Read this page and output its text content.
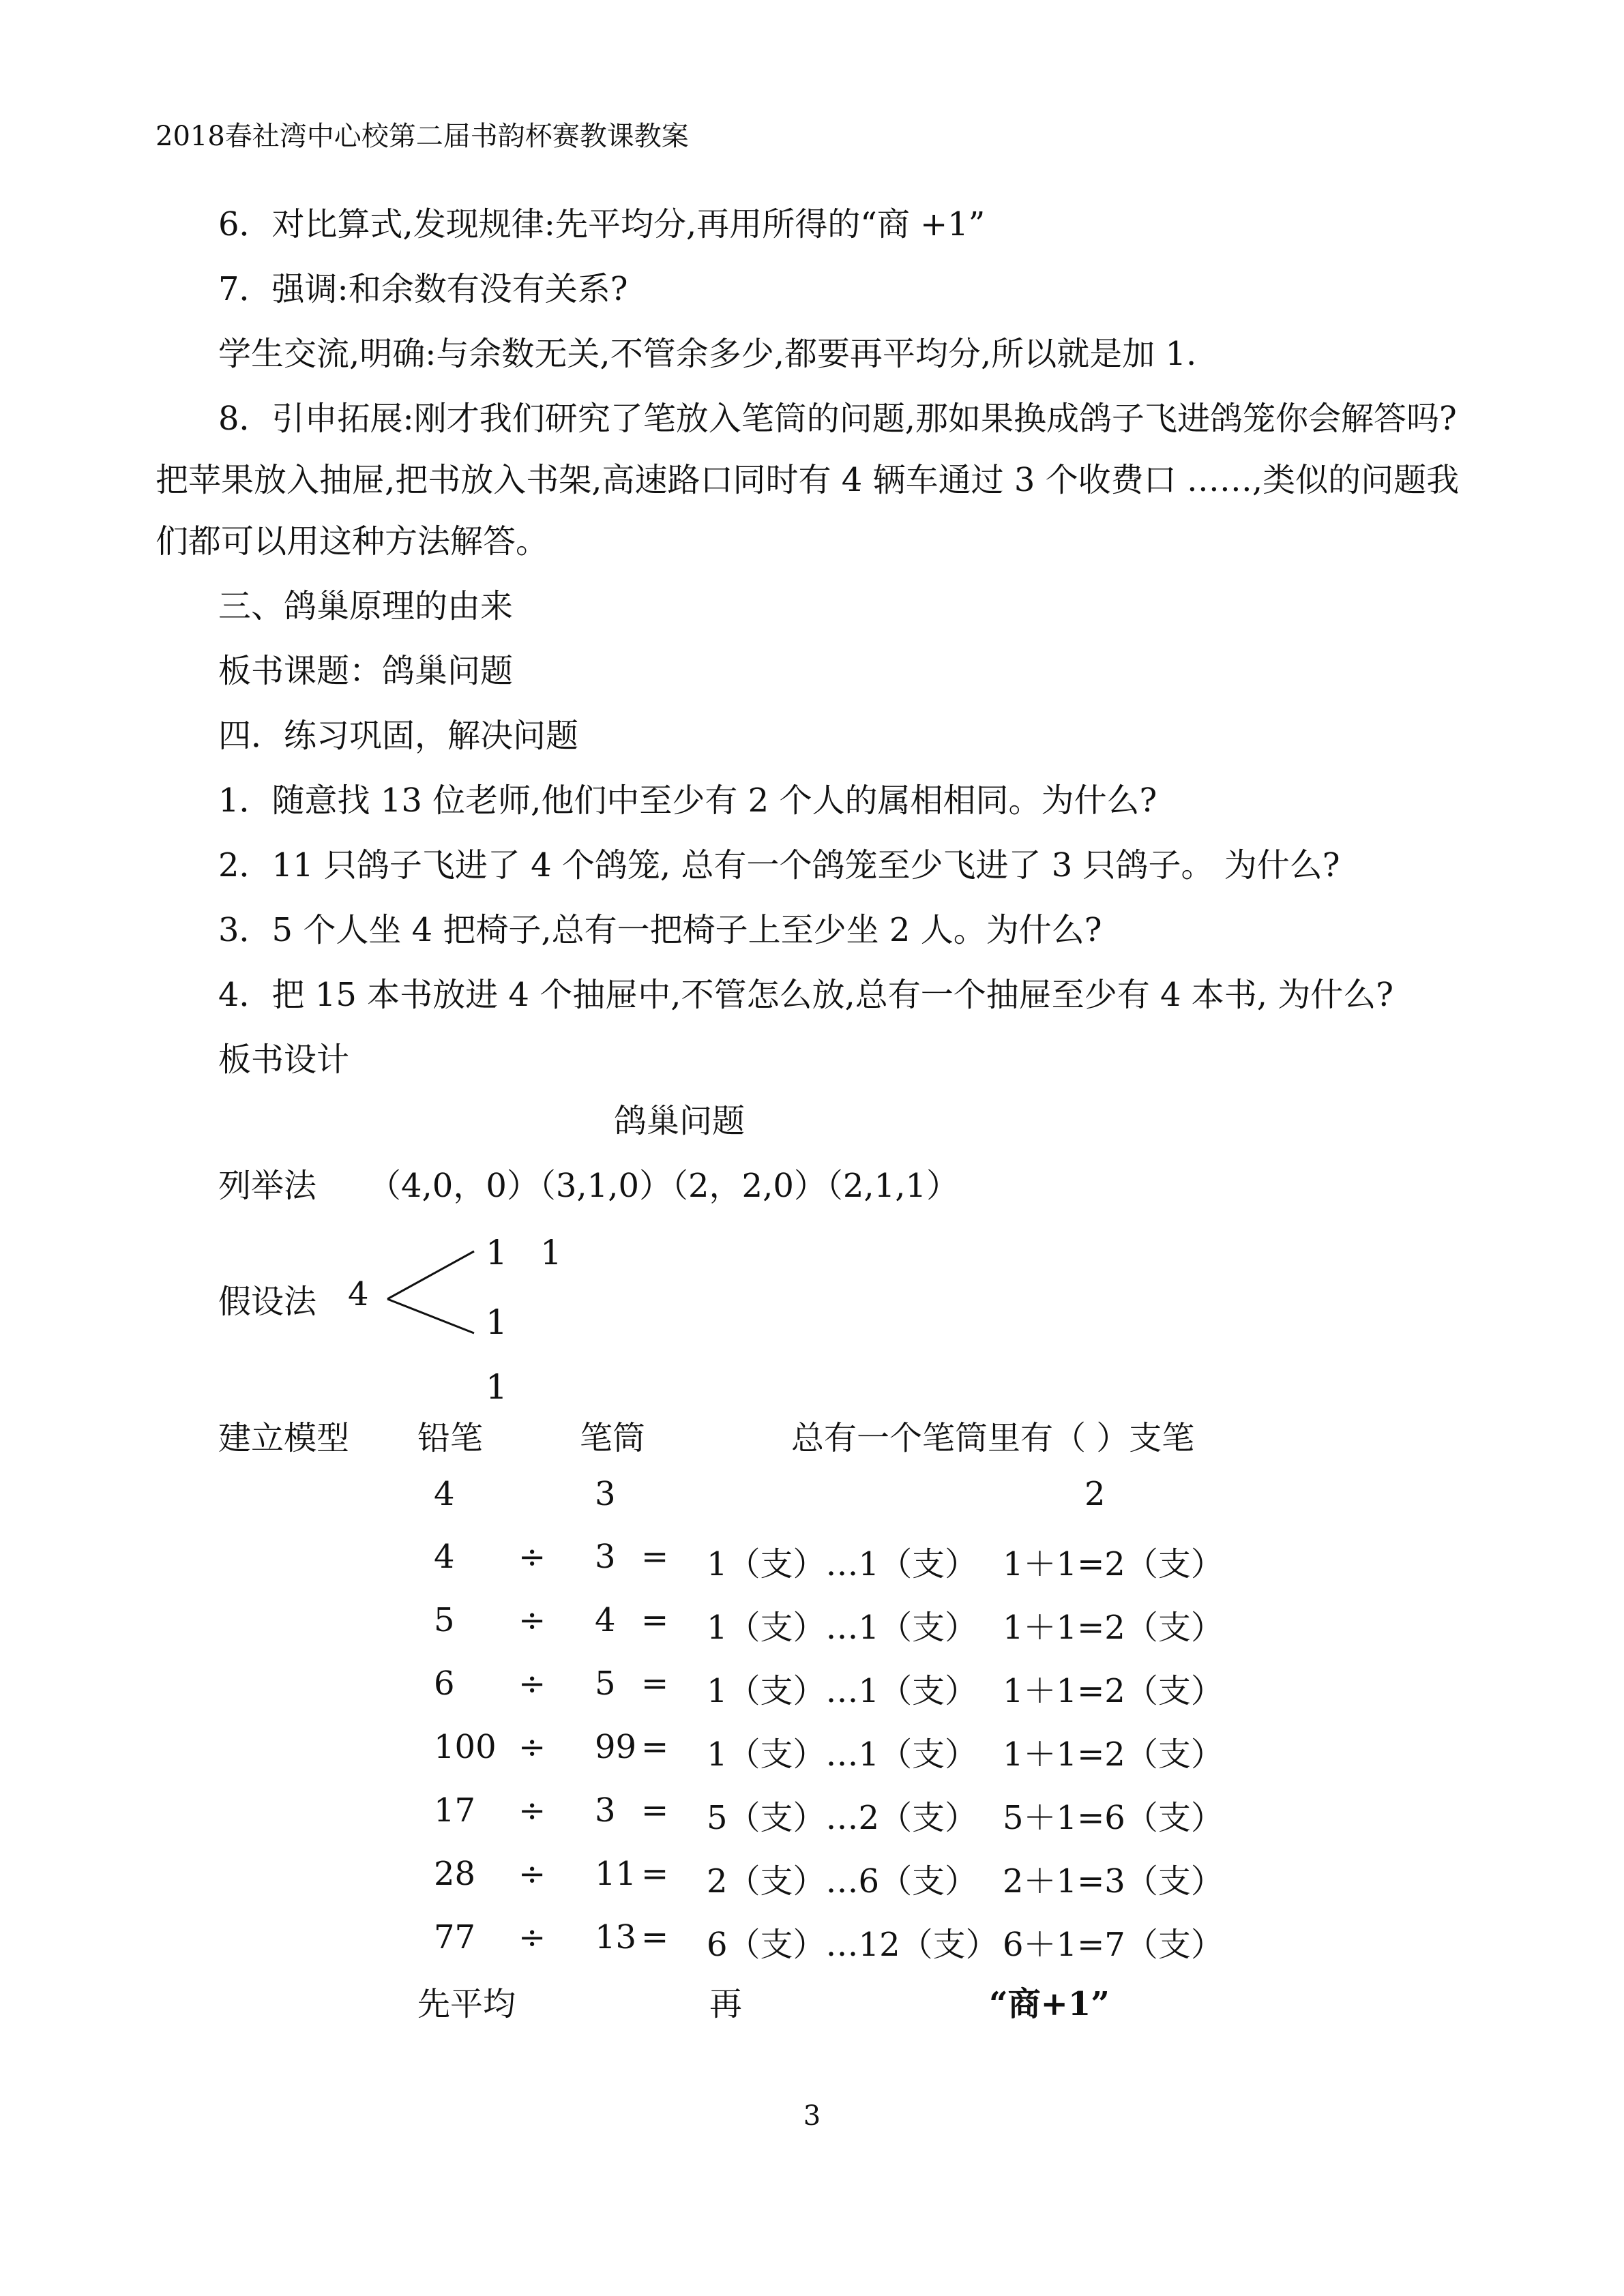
2018春社湾中心校第二届书韵杯赛教课教案
6．对比算式,发现规律:先平均分,再用所得的“商 +1”
7．强调:和余数有没有关系?
学生交流,明确:与余数无关,不管余多少,都要再平均分,所以就是加 1.
8．引申拓展:刚才我们研究了笔放入笔筒的问题,那如果换成鸽子飞进鸽笼你会解答吗?
把苹果放入抽屉,把书放入书架,高速路口同时有 4 辆车通过 3 个收费口 ……,类似的问题我
们都可以用这种方法解答。
三、鸽巢原理的由来
板书课题：鸽巢问题
四．练习巩固，解决问题
1．随意找 13 位老师,他们中至少有 2 个人的属相相同。为什么?
2．11 只鸽子飞进了 4 个鸽笼, 总有一个鸽笼至少飞进了 3 只鸽子。 为什么?
3．5 个人坐 4 把椅子,总有一把椅子上至少坐 2 人。为什么?
4．把 15 本书放进 4 个抽屉中,不管怎么放,总有一个抽屉至少有 4 本书, 为什么?
板书设计
鸽巢问题
列举法 （4,0，0）（3,1,0）（2，2,0）（2,1,1）
假设法 4
1 1
1
1
建立模型 铅笔	笔筒	总有一个笔筒里有（ ）支笔
4	3	2
4 ÷ 3 = 1（支）…1（支） 1＋1=2（支）
5 ÷ 4 = 1（支）…1（支） 1＋1=2（支）
6 ÷ 5 = 1（支）…1（支） 1＋1=2（支）
100 ÷ 99 = 1（支）…1（支） 1＋1=2（支）
17 ÷ 3 = 5（支）…2（支） 5＋1=6（支）
28 ÷ 11 = 2（支）…6（支） 2＋1=3（支）
77 ÷ 13 = 6（支）…12（支） 6＋1=7（支）
先平均	再	“商+1”
3
